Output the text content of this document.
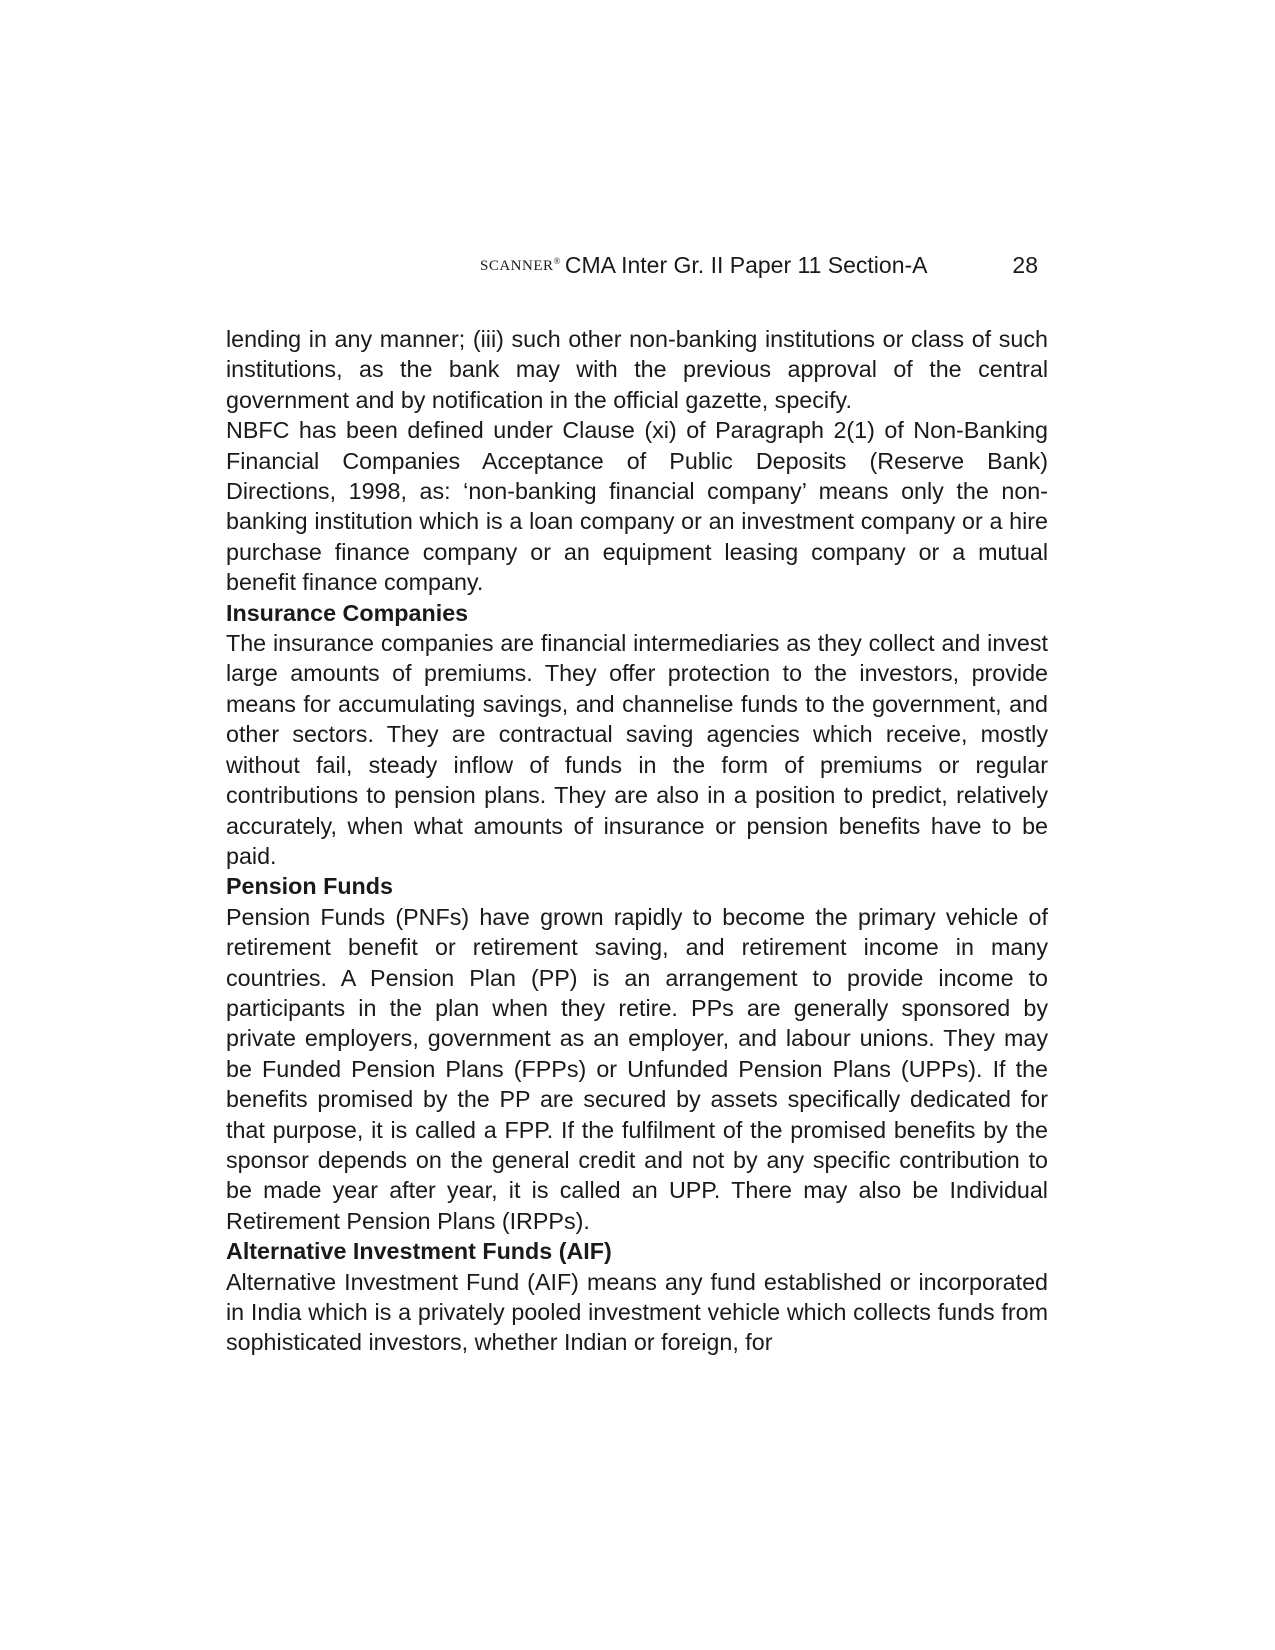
SCANNER® CMA Inter Gr. II Paper 11 Section-A	28

lending in any manner; (iii) such other non-banking institutions or class of such institutions, as the bank may with the previous approval of the central government and by notification in the official gazette, specify.

NBFC has been defined under Clause (xi) of Paragraph 2(1) of Non-Banking Financial Companies Acceptance of Public Deposits (Reserve Bank) Directions, 1998, as: ‘non-banking financial company’ means only the non-banking institution which is a loan company or an investment company or a hire purchase finance company or an equipment leasing company or a mutual benefit finance company.

Insurance Companies

The insurance companies are financial intermediaries as they collect and invest large amounts of premiums. They offer protection to the investors, provide means for accumulating savings, and channelise funds to the government, and other sectors. They are contractual saving agencies which receive, mostly without fail, steady inflow of funds in the form of premiums or regular contributions to pension plans. They are also in a position to predict, relatively accurately, when what amounts of insurance or pension benefits have to be paid.

Pension Funds

Pension Funds (PNFs) have grown rapidly to become the primary vehicle of retirement benefit or retirement saving, and retirement income in many countries. A Pension Plan (PP) is an arrangement to provide income to participants in the plan when they retire. PPs are generally sponsored by private employers, government as an employer, and labour unions. They may be Funded Pension Plans (FPPs) or Unfunded Pension Plans (UPPs). If the benefits promised by the PP are secured by assets specifically dedicated for that purpose, it is called a FPP. If the fulfilment of the promised benefits by the sponsor depends on the general credit and not by any specific contribution to be made year after year, it is called an UPP. There may also be Individual Retirement Pension Plans (IRPPs).

Alternative Investment Funds (AIF)

Alternative Investment Fund (AIF) means any fund established or incorporated in India which is a privately pooled investment vehicle which collects funds from sophisticated investors, whether Indian or foreign, for
